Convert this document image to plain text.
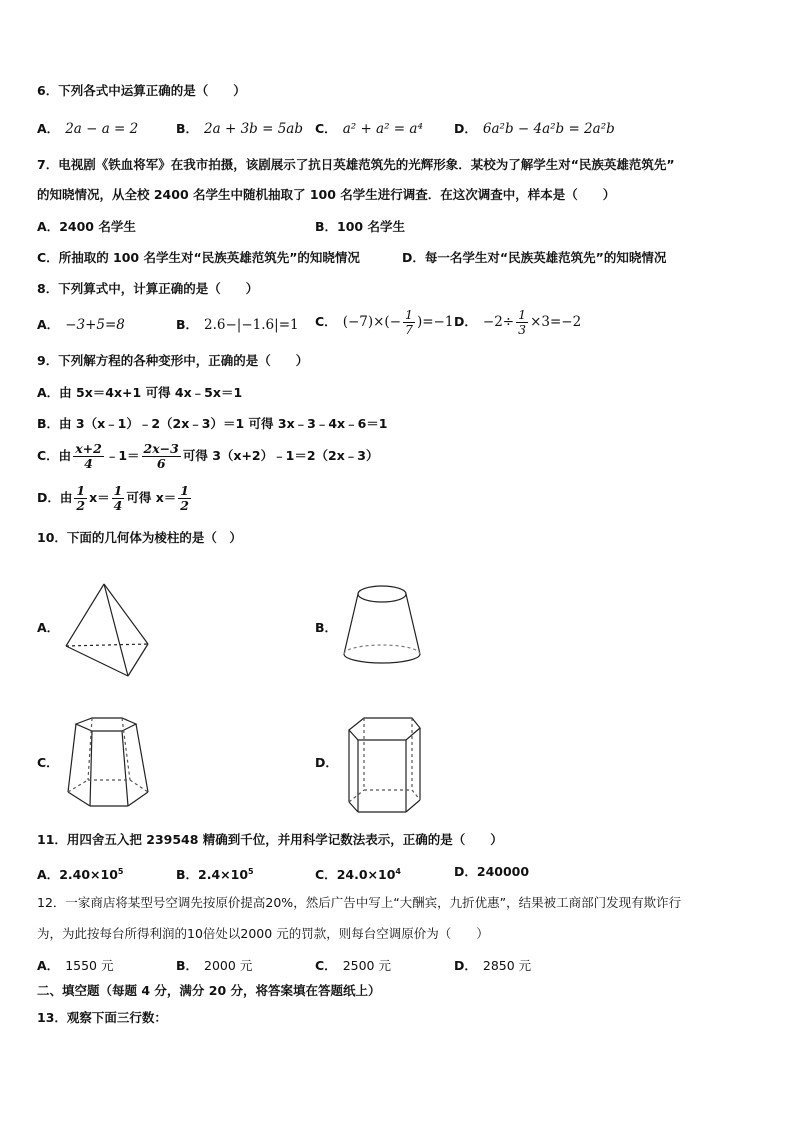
6．下列各式中运算正确的是（　　）
A． 2a − a = 2	B． 2a + 3b = 5ab C． a² + a² = a⁴ D． 6a²b − 4a²b = 2a²b
7．电视剧《铁血将军》在我市拍摄，该剧展示了抗日英雄范筑先的光辉形象．某校为了解学生对“民族英雄范筑先”
的知晓情况，从全校 2400 名学生中随机抽取了 100 名学生进行调查．在这次调查中，样本是（　　）
A．2400 名学生	B．100 名学生
C．所抽取的 100 名学生对“民族英雄范筑先”的知晓情况	D．每一名学生对“民族英雄范筑先”的知晓情况
8．下列算式中，计算正确的是（　　）
A． −3+5=8	B． 2.6−|−1.6|=1 C． $(-7)\times(- \frac{1}{7} )=-1$ D． $-2\div \frac{1}{3} \times 3=-2$
9．下列解方程的各种变形中，正确的是（　　）
A．由 5x＝4x+1 可得 4x﹣5x＝1
B．由 3（x﹣1）﹣2（2x﹣3）＝1 可得 3x﹣3﹣4x﹣6＝1
C．由 $\frac{x+2}{4}$ ﹣1＝ $\frac{2x-3}{6}$ 可得 3（x+2）﹣1＝2（2x﹣3）
D．由 $\frac{1}{2} x= \frac{1}{4}$ 可得 $x= \frac{1}{2}$
10．下面的几何体为棱柱的是（　）
A．	B．
C．	D．
11．用四舍五入把 239548 精确到千位，并用科学记数法表示，正确的是（　　）
A．$2.40\times 10^5$	B．$2.4\times 10^5$	C．$24.0\times 10^4$	D．240000
12．一家商店将某型号空调先按原价提高20%，然后广告中写上“大酬宾，九折优惠”，结果被工商部门发现有欺诈行
为，为此按每台所得利润的10倍处以2000 元的罚款，则每台空调原价为（　　）
A． 1550 元	B． 2000 元	C． 2500 元	D． 2850 元
二、填空题（每题 4 分，满分 20 分，将答案填在答题纸上）
13．观察下面三行数：
